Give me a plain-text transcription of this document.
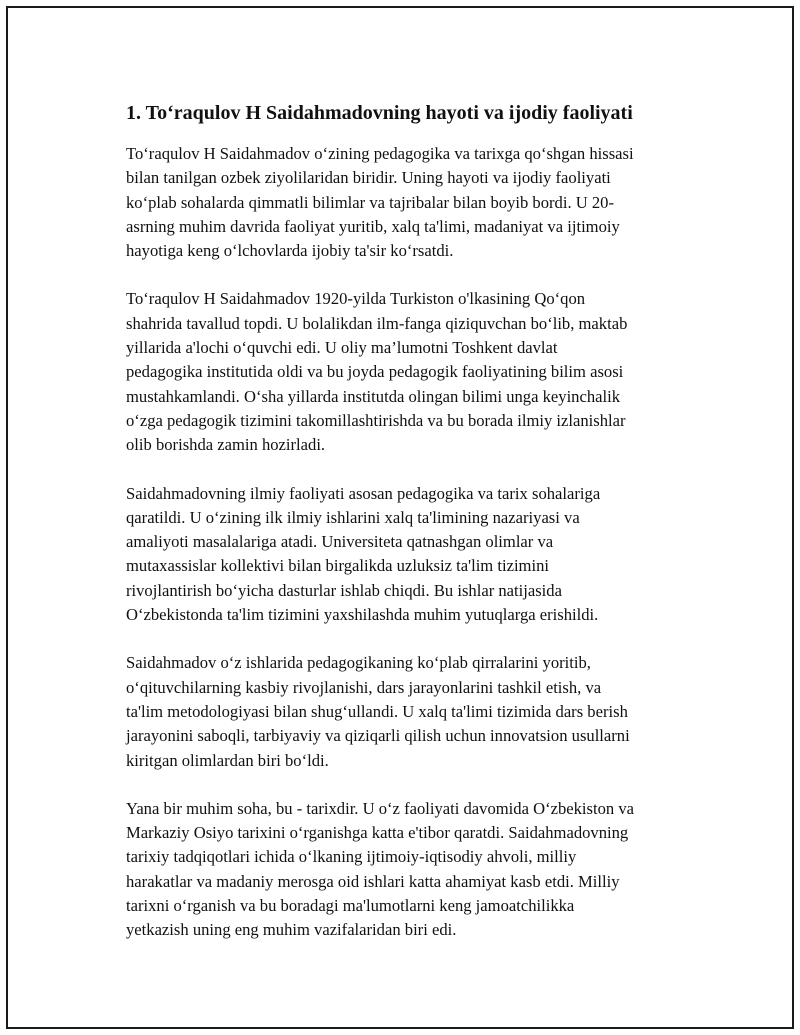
1. To‘raqulov H Saidahmadovning hayoti va ijodiy faoliyati

To‘raqulov H Saidahmadov o‘zining pedagogika va tarixga qo‘shgan hissasi
bilan tanilgan ozbek ziyolilaridan biridir. Uning hayoti va ijodiy faoliyati
ko‘plab sohalarda qimmatli bilimlar va tajribalar bilan boyib bordi. U 20-
asrning muhim davrida faoliyat yuritib, xalq ta'limi, madaniyat va ijtimoiy
hayotiga keng o‘lchovlarda ijobiy ta'sir ko‘rsatdi.

To‘raqulov H Saidahmadov 1920-yilda Turkiston o'lkasining Qo‘qon
shahrida tavallud topdi. U bolalikdan ilm-fanga qiziquvchan bo‘lib, maktab
yillarida a'lochi o‘quvchi edi. U oliy ma’lumotni Toshkent davlat
pedagogika institutida oldi va bu joyda pedagogik faoliyatining bilim asosi
mustahkamlandi. O‘sha yillarda institutda olingan bilimi unga keyinchalik
o‘zga pedagogik tizimini takomillashtirishda va bu borada ilmiy izlanishlar
olib borishda zamin hozirladi.

Saidahmadovning ilmiy faoliyati asosan pedagogika va tarix sohalariga
qaratildi. U o‘zining ilk ilmiy ishlarini xalq ta'limining nazariyasi va
amaliyoti masalalariga atadi. Universiteta qatnashgan olimlar va
mutaxassislar kollektivi bilan birgalikda uzluksiz ta'lim tizimini
rivojlantirish bo‘yicha dasturlar ishlab chiqdi. Bu ishlar natijasida
O‘zbekistonda ta'lim tizimini yaxshilashda muhim yutuqlarga erishildi.

Saidahmadov o‘z ishlarida pedagogikaning ko‘plab qirralarini yoritib,
o‘qituvchilarning kasbiy rivojlanishi, dars jarayonlarini tashkil etish, va
ta'lim metodologiyasi bilan shug‘ullandi. U xalq ta'limi tizimida dars berish
jarayonini saboqli, tarbiyaviy va qiziqarli qilish uchun innovatsion usullarni
kiritgan olimlardan biri bo‘ldi.

Yana bir muhim soha, bu - tarixdir. U o‘z faoliyati davomida O‘zbekiston va
Markaziy Osiyo tarixini o‘rganishga katta e'tibor qaratdi. Saidahmadovning
tarixiy tadqiqotlari ichida o‘lkaning ijtimoiy-iqtisodiy ahvoli, milliy
harakatlar va madaniy merosga oid ishlari katta ahamiyat kasb etdi. Milliy
tarixni o‘rganish va bu boradagi ma'lumotlarni keng jamoatchilikka
yetkazish uning eng muhim vazifalaridan biri edi.
